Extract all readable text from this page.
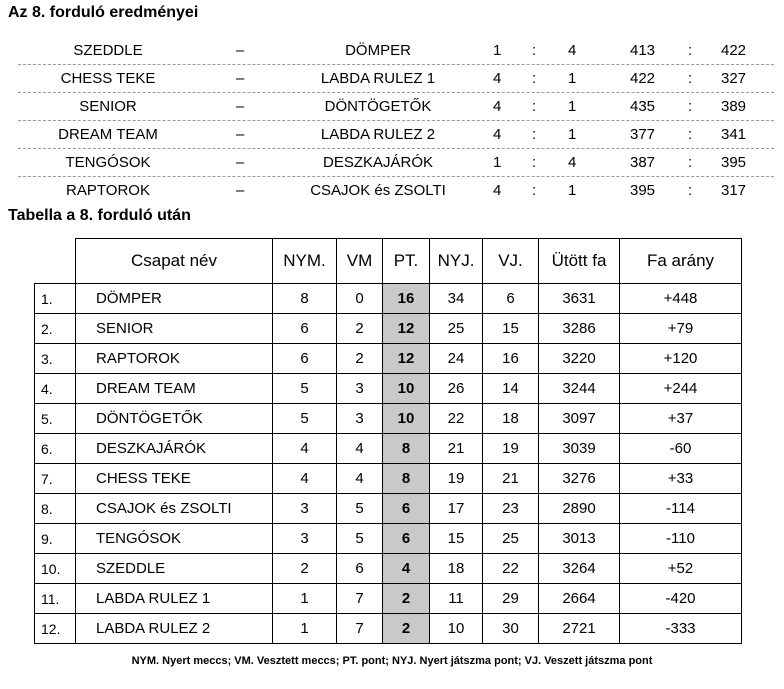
Az 8. forduló eredményei
SZEDDLE	–	DÖMPER	1 : 4	413 : 422
CHESS TEKE	–	LABDA RULEZ 1	4 : 1	422 : 327
SENIOR	–	DÖNTÖGETŐK	4 : 1	435 : 389
DREAM TEAM	–	LABDA RULEZ 2	4 : 1	377 : 341
TENGÓSOK	–	DESZKAJÁRÓK	1 : 4	387 : 395
RAPTOROK	–	CSAJOK és ZSOLTI	4 : 1	395 : 317
Tabella a 8. forduló után
	Csapat név	NYM.	VM	PT.	NYJ.	VJ.	Ütött fa	Fa arány
1.	DÖMPER	8	0	16	34	6	3631	+448
2.	SENIOR	6	2	12	25	15	3286	+79
3.	RAPTOROK	6	2	12	24	16	3220	+120
4.	DREAM TEAM	5	3	10	26	14	3244	+244
5.	DÖNTÖGETŐK	5	3	10	22	18	3097	+37
6.	DESZKAJÁRÓK	4	4	8	21	19	3039	-60
7.	CHESS TEKE	4	4	8	19	21	3276	+33
8.	CSAJOK és ZSOLTI	3	5	6	17	23	2890	-114
9.	TENGÓSOK	3	5	6	15	25	3013	-110
10.	SZEDDLE	2	6	4	18	22	3264	+52
11.	LABDA RULEZ 1	1	7	2	11	29	2664	-420
12.	LABDA RULEZ 2	1	7	2	10	30	2721	-333
NYM. Nyert meccs; VM. Vesztett meccs; PT. pont; NYJ. Nyert játszma pont; VJ. Veszett játszma pont
